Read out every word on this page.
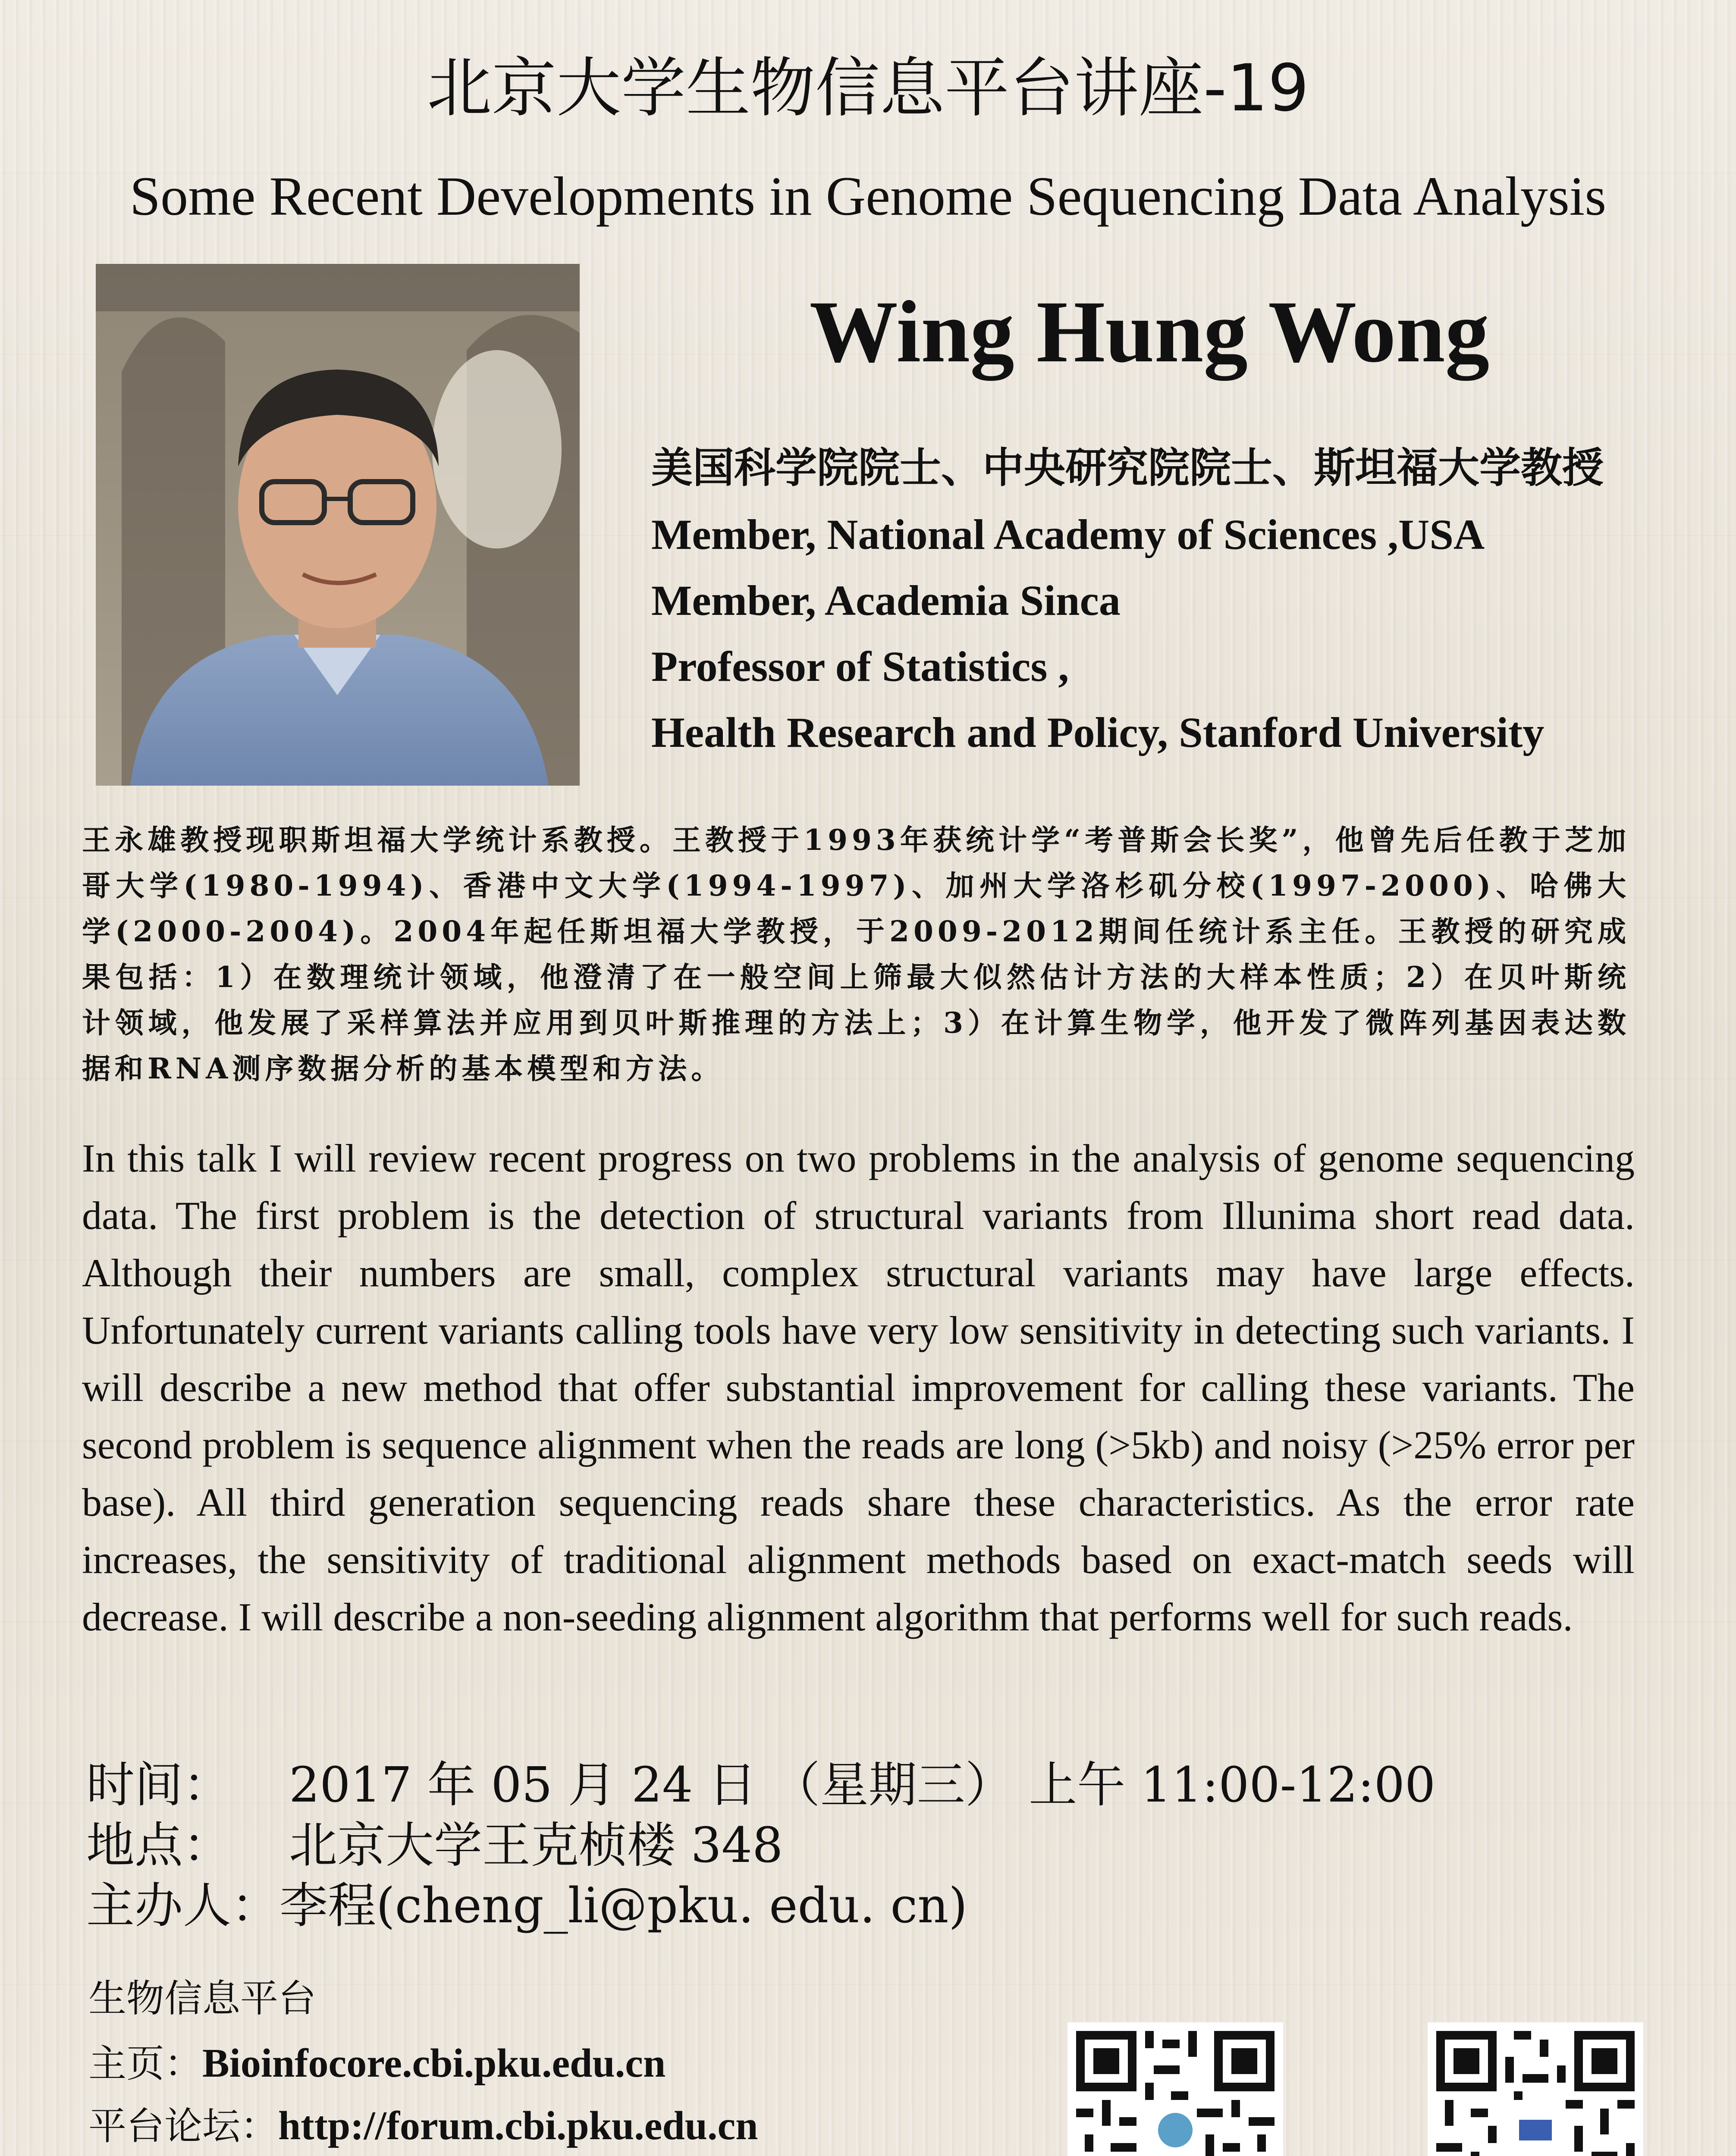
北京大学生物信息平台讲座-19
Some Recent Developments in Genome Sequencing Data Analysis
Wing Hung Wong
美国科学院院士、中央研究院院士、斯坦福大学教授
Member, National Academy of Sciences ,USA
Member, Academia Sinca
Professor of Statistics ,
Health Research and Policy, Stanford University
王永雄教授现职斯坦福大学统计系教授。王教授于1993年获统计学“考普斯会长奖”，他曾先后任教于芝加哥大学(1980-1994)、香港中文大学(1994-1997)、加州大学洛杉矶分校(1997-2000)、哈佛大学(2000-2004)。2004年起任斯坦福大学教授，于2009-2012期间任统计系主任。王教授的研究成果包括：1）在数理统计领域，他澄清了在一般空间上筛最大似然估计方法的大样本性质；2）在贝叶斯统计领域，他发展了采样算法并应用到贝叶斯推理的方法上；3）在计算生物学，他开发了微阵列基因表达数据和RNA测序数据分析的基本模型和方法。
In this talk I will review recent progress on two problems in the analysis of genome sequencing data. The first problem is the detection of structural variants from Illunima short read data. Although their numbers are small, complex structural variants may have large effects. Unfortunately current variants calling tools have very low sensitivity in detecting such variants. I will describe a new method that offer substantial improvement for calling these variants. The second problem is sequence alignment when the reads are long (>5kb) and noisy (>25% error per base). All third generation sequencing reads share these characteristics. As the error rate increases, the sensitivity of traditional alignment methods based on exact-match seeds will decrease. I will describe a non-seeding alignment algorithm that performs well for such reads.
时间： 2017 年 05 月 24 日 （星期三） 上午 11:00-12:00
地点： 北京大学王克桢楼 348
主办人：李程(cheng_li@pku. edu. cn)
生物信息平台
主页：Bioinfocore.cbi.pku.edu.cn
平台论坛：http://forum.cbi.pku.edu.cn
